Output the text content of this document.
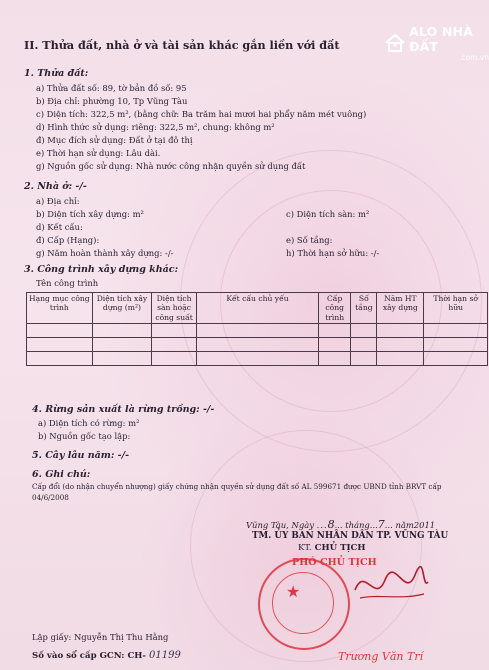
ALO NHÀ ĐẤT
.com.vn
II. Thửa đất, nhà ở và tài sản khác gắn liền với đất
1. Thửa đất:
a) Thửa đất số: 89, tờ bản đồ số: 95
b) Địa chỉ: phường 10, Tp Vũng Tàu
c) Diện tích: 322,5 m², (bằng chữ: Ba trăm hai mươi hai phẩy năm mét vuông)
d) Hình thức sử dụng: riêng: 322,5 m², chung: không m²
đ) Mục đích sử dụng: Đất ở tại đô thị
e) Thời hạn sử dụng: Lâu dài.
g) Nguồn gốc sử dụng: Nhà nước công nhận quyền sử dụng đất
2. Nhà ở: -/-
a) Địa chỉ:
b) Diện tích xây dựng: m²	c) Diện tích sàn: m²
d) Kết cấu:
đ) Cấp (Hạng):	e) Số tầng:
g) Năm hoàn thành xây dựng: -/-	h) Thời hạn sở hữu: -/-
3. Công trình xây dựng khác:
Tên công trình
Hạng mục công trình	Diện tích xây dựng (m²)	Diện tích sàn hoặc công suất	Kết cấu chủ yếu	Cấp công trình	Số tầng	Năm HT xây dựng	Thời hạn sở hữu

4. Rừng sản xuất là rừng trồng: -/-
a) Diện tích có rừng: m²
b) Nguồn gốc tạo lập:
5. Cây lâu năm: -/-
6. Ghi chú:
Cấp đổi (do nhận chuyển nhượng) giấy chứng nhận quyền sử dụng đất số AL 599671 được UBND tỉnh BRVT cấp
04/6/2008
Vũng Tàu, Ngày ...8... tháng...7... năm2011
TM. ỦY BAN NHÂN DÂN TP. VŨNG TÀU
KT. CHỦ TỊCH
★
PHÓ CHỦ TỊCH
Trương Văn Trí
Lập giấy: Nguyễn Thị Thu Hằng
Số vào sổ cấp GCN: CH- 01199
